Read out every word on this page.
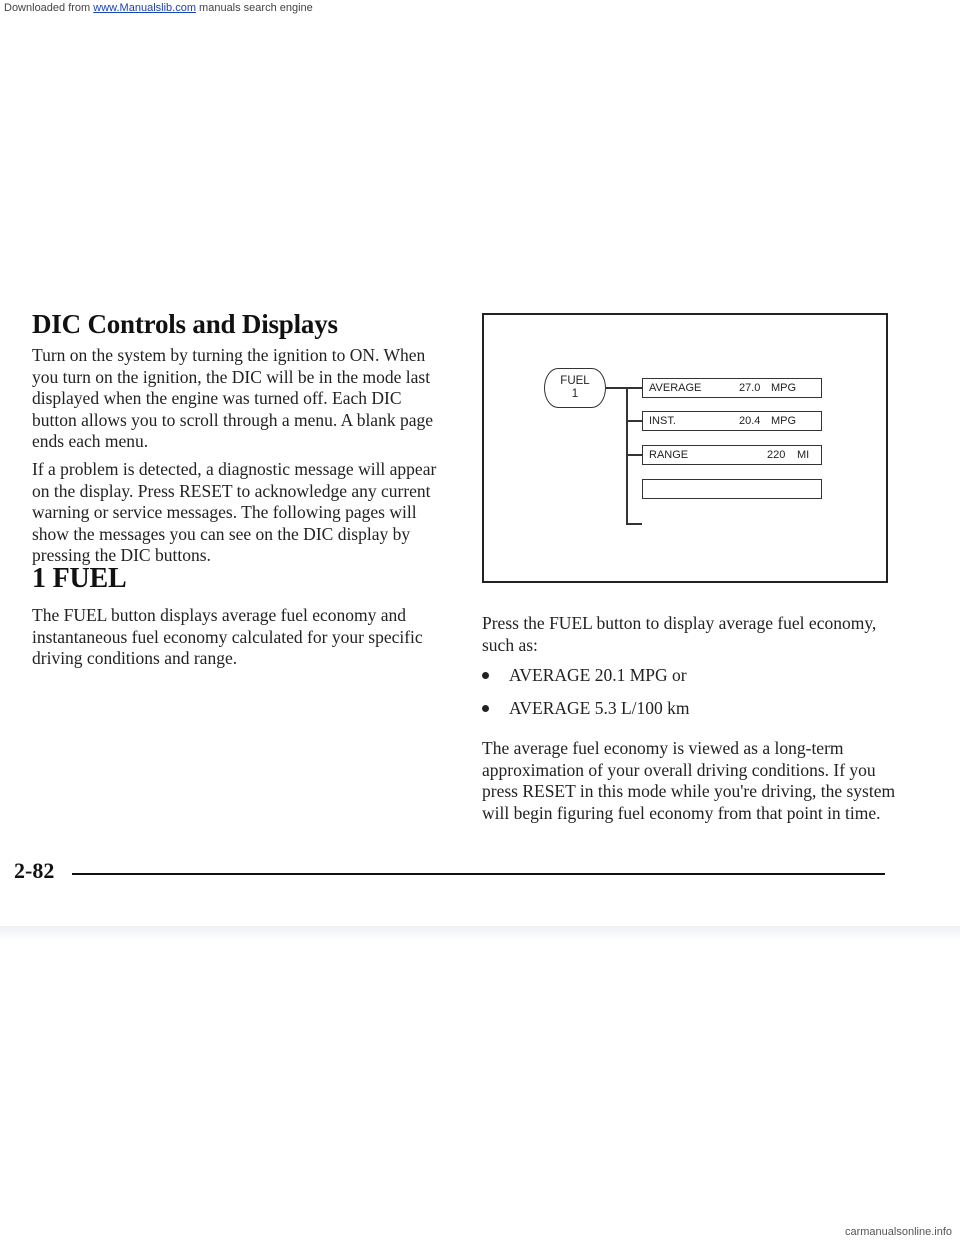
Downloaded from www.Manualslib.com manuals search engine
DIC Controls and Displays
Turn on the system by turning the ignition to ON. When you turn on the ignition, the DIC will be in the mode last displayed when the engine was turned off. Each DIC button allows you to scroll through a menu. A blank page ends each menu.
If a problem is detected, a diagnostic message will appear on the display. Press RESET to acknowledge any current warning or service messages. The following pages will show the messages you can see on the DIC display by pressing the DIC buttons.
1 FUEL
The FUEL button displays average fuel economy and instantaneous fuel economy calculated for your specific driving conditions and range.
FUEL
1	AVERAGE	27.0 MPG
INST.	20.4 MPG
RANGE	220 MI
Press the FUEL button to display average fuel economy, such as:
AVERAGE 20.1 MPG or
AVERAGE 5.3 L/100 km
The average fuel economy is viewed as a long-term approximation of your overall driving conditions. If you press RESET in this mode while you're driving, the system will begin figuring fuel economy from that point in time.
2-82
carmanualsonline.info
